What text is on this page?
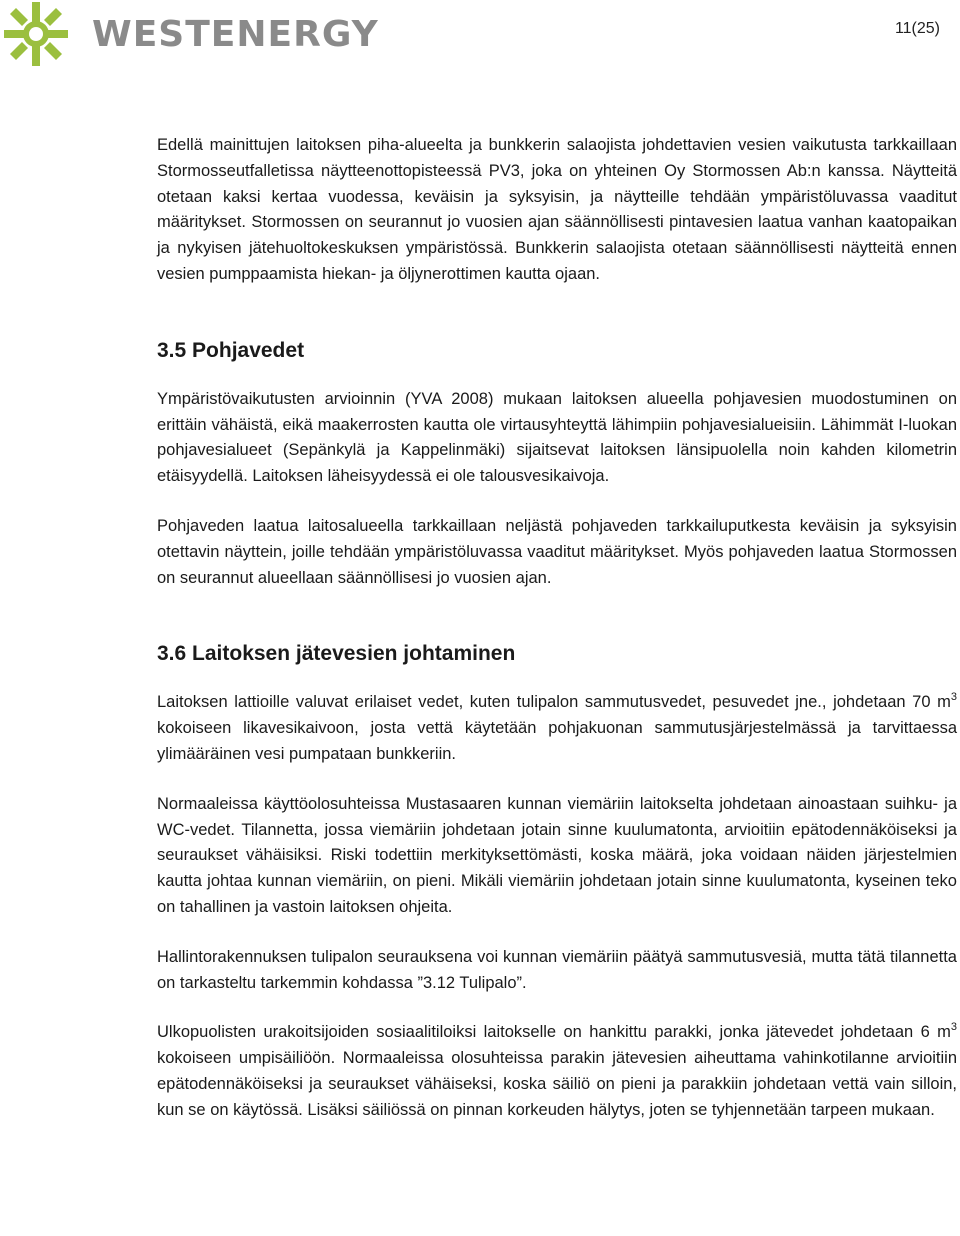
WESTENERGY	11(25)

Edellä mainittujen laitoksen piha-alueelta ja bunkkerin salaojista johdettavien vesien vaikutusta tarkkaillaan Stormosseutfalletissa näytteenottopisteessä PV3, joka on yhteinen Oy Stormossen Ab:n kanssa. Näytteitä otetaan kaksi kertaa vuodessa, keväisin ja syksyisin, ja näytteille tehdään ympäristöluvassa vaaditut määritykset. Stormossen on seurannut jo vuosien ajan säännöllisesti pintavesien laatua vanhan kaatopaikan ja nykyisen jätehuoltokeskuksen ympäristössä. Bunkkerin salaojista otetaan säännöllisesti näytteitä ennen vesien pumppaamista hiekan- ja öljynerottimen kautta ojaan.

3.5 Pohjavedet

Ympäristövaikutusten arvioinnin (YVA 2008) mukaan laitoksen alueella pohjavesien muodostuminen on erittäin vähäistä, eikä maakerrosten kautta ole virtausyhteyttä lähimpiin pohjavesialueisiin. Lähimmät I-luokan pohjavesialueet (Sepänkylä ja Kappelinmäki) sijaitsevat laitoksen länsipuolella noin kahden kilometrin etäisyydellä. Laitoksen läheisyydessä ei ole talousvesikaivoja.

Pohjaveden laatua laitosalueella tarkkaillaan neljästä pohjaveden tarkkailuputkesta keväisin ja syksyisin otettavin näyttein, joille tehdään ympäristöluvassa vaaditut määritykset. Myös pohjaveden laatua Stormossen on seurannut alueellaan säännöllisesi jo vuosien ajan.

3.6 Laitoksen jätevesien johtaminen

Laitoksen lattioille valuvat erilaiset vedet, kuten tulipalon sammutusvedet, pesuvedet jne., johdetaan 70 $m^3$ kokoiseen likavesikaivoon, josta vettä käytetään pohjakuonan sammutusjärjestelmässä ja tarvittaessa ylimääräinen vesi pumpataan bunkkeriin.

Normaaleissa käyttöolosuhteissa Mustasaaren kunnan viemäriin laitokselta johdetaan ainoastaan suihku- ja WC-vedet. Tilannetta, jossa viemäriin johdetaan jotain sinne kuulumatonta, arvioitiin epätodennäköiseksi ja seuraukset vähäisiksi. Riski todettiin merkityksettömästi, koska määrä, joka voidaan näiden järjestelmien kautta johtaa kunnan viemäriin, on pieni. Mikäli viemäriin johdetaan jotain sinne kuulumatonta, kyseinen teko on tahallinen ja vastoin laitoksen ohjeita.

Hallintorakennuksen tulipalon seurauksena voi kunnan viemäriin päätyä sammutusvesiä, mutta tätä tilannetta on tarkasteltu tarkemmin kohdassa ”3.12 Tulipalo”.

Ulkopuolisten urakoitsijoiden sosiaalitiloiksi laitokselle on hankittu parakki, jonka jätevedet johdetaan 6 $m^3$ kokoiseen umpisäiliöön. Normaaleissa olosuhteissa parakin jätevesien aiheuttama vahinkotilanne arvioitiin epätodennäköiseksi ja seuraukset vähäiseksi, koska säiliö on pieni ja parakkiin johdetaan vettä vain silloin, kun se on käytössä. Lisäksi säiliössä on pinnan korkeuden hälytys, joten se tyhjennetään tarpeen mukaan.
